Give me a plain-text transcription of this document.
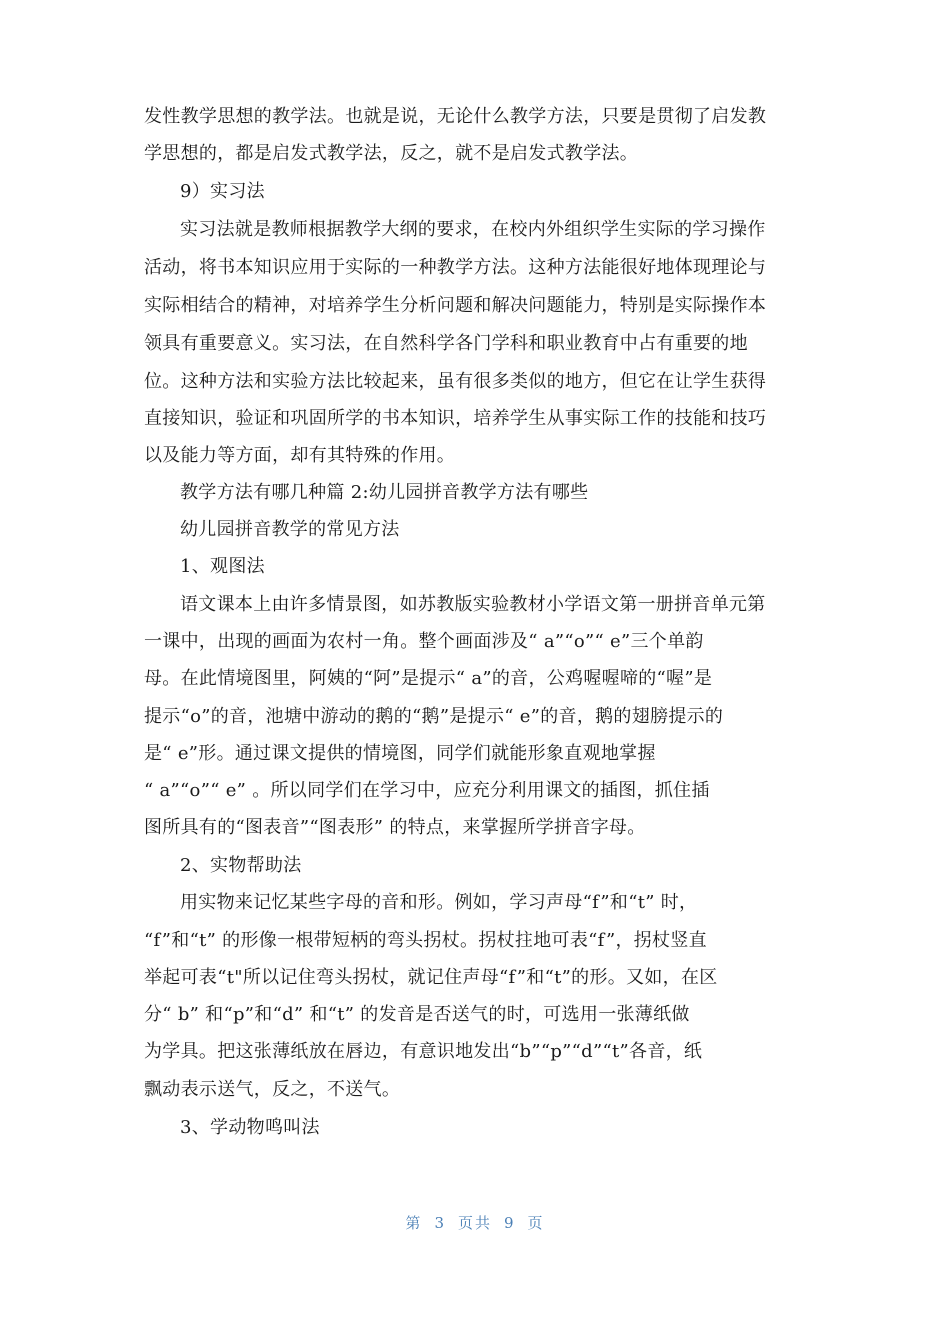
发性教学思想的教学法。也就是说，无论什么教学方法，只要是贯彻了启发教
学思想的，都是启发式教学法，反之，就不是启发式教学法。
9）实习法
实习法就是教师根据教学大纲的要求，在校内外组织学生实际的学习操作
活动，将书本知识应用于实际的一种教学方法。这种方法能很好地体现理论与
实际相结合的精神，对培养学生分析问题和解决问题能力，特别是实际操作本
领具有重要意义。实习法，在自然科学各门学科和职业教育中占有重要的地
位。这种方法和实验方法比较起来，虽有很多类似的地方，但它在让学生获得
直接知识，验证和巩固所学的书本知识，培养学生从事实际工作的技能和技巧
以及能力等方面，却有其特殊的作用。
教学方法有哪几种篇 2:幼儿园拼音教学方法有哪些
幼儿园拼音教学的常见方法
1、观图法
语文课本上由许多情景图，如苏教版实验教材小学语文第一册拼音单元第
一课中，出现的画面为农村一角。整个画面涉及“ a”“o”“ e”三个单韵
母。在此情境图里，阿姨的“阿”是提示“ a”的音，公鸡喔喔啼的“喔”是
提示“o”的音，池塘中游动的鹅的“鹅”是提示“ e”的音，鹅的翅膀提示的
是“ e”形。通过课文提供的情境图，同学们就能形象直观地掌握
“ a”“o”“ e” 。所以同学们在学习中，应充分利用课文的插图，抓住插
图所具有的“图表音”“图表形” 的特点，来掌握所学拼音字母。
2、实物帮助法
用实物来记忆某些字母的音和形。例如，学习声母“f”和“t” 时，
“f”和“t” 的形像一根带短柄的弯头拐杖。拐杖拄地可表“f”，拐杖竖直
举起可表“t"所以记住弯头拐杖，就记住声母“f”和“t”的形。又如，在区
分“ b” 和“p”和“d” 和“t” 的发音是否送气的时，可选用一张薄纸做
为学具。把这张薄纸放在唇边，有意识地发出“b”“p”“d”“t”各音，纸
飘动表示送气，反之，不送气。
3、学动物鸣叫法
第 3 页共 9 页
